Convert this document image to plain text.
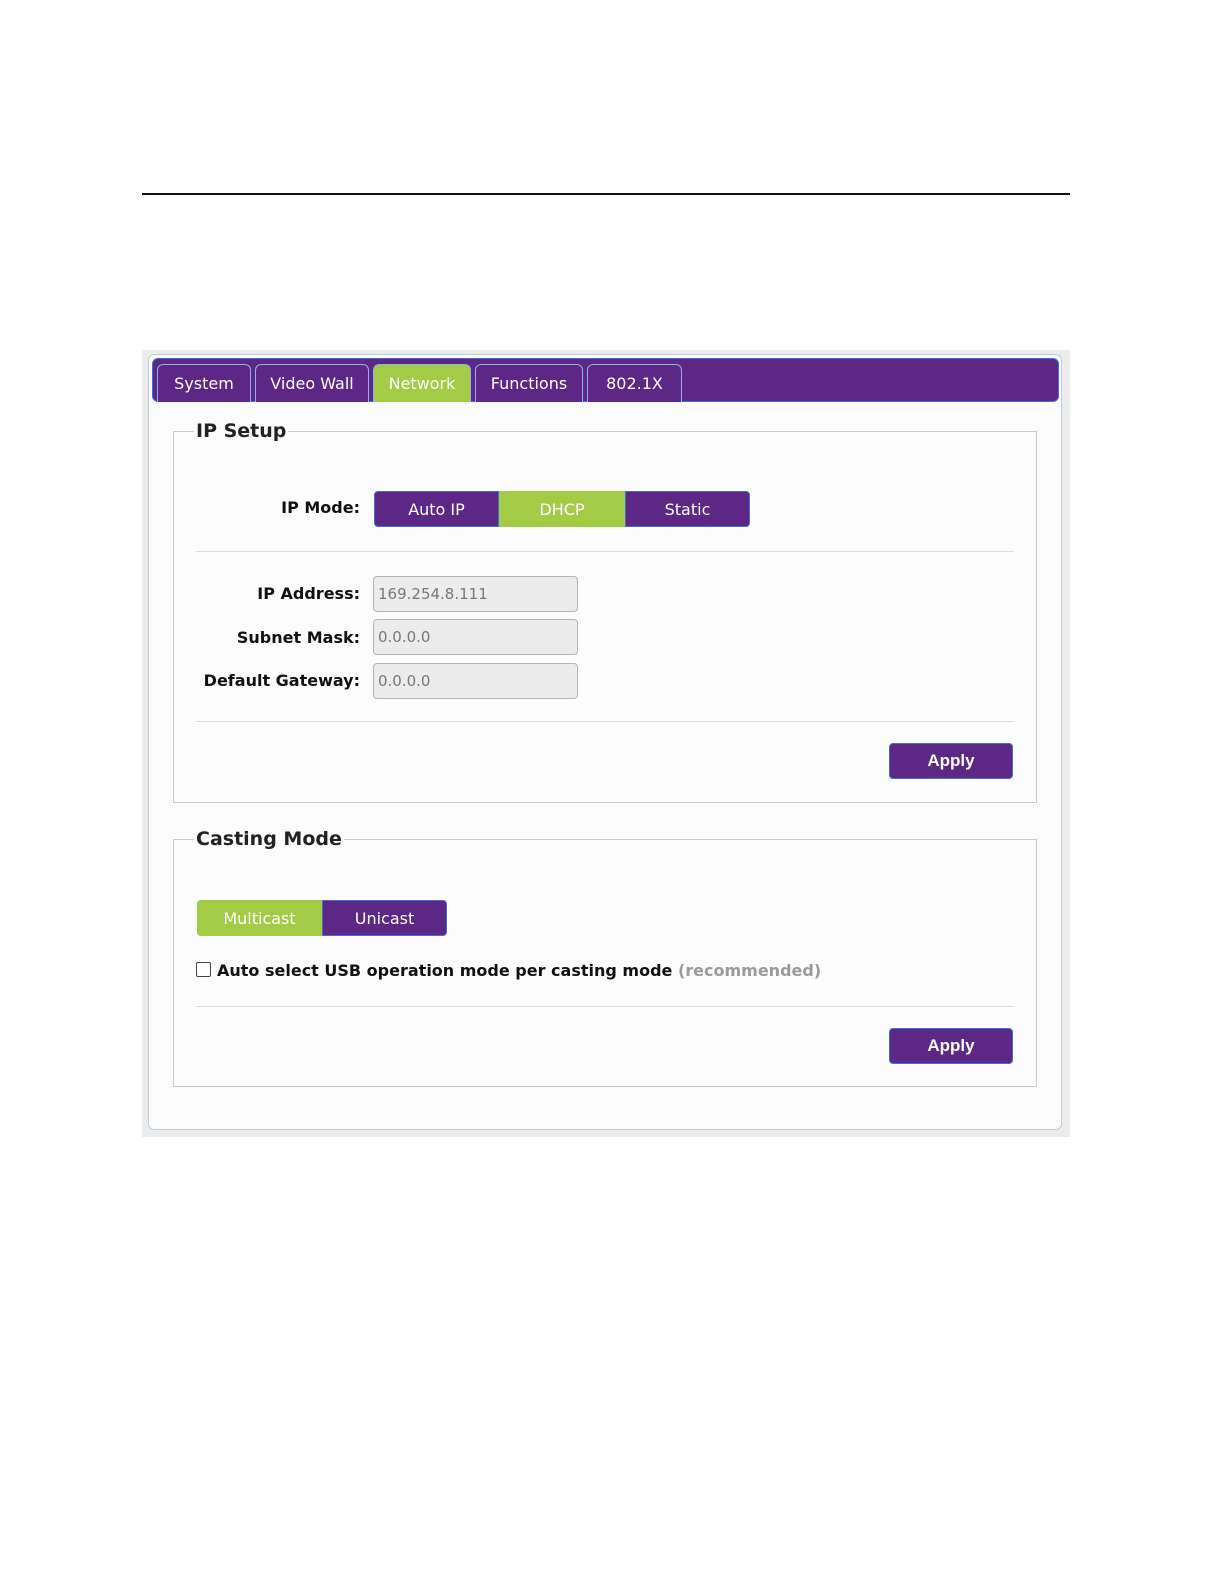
System	Video Wall	Network	Functions	802.1X
IP Setup
IP Mode:	Auto IP	DHCP	Static
IP Address:
169.254.8.111
Subnet Mask:
0.0.0.0
Default Gateway:
0.0.0.0
Apply
Casting Mode
Multicast	Unicast
Auto select USB operation mode per casting mode (recommended)
Apply
